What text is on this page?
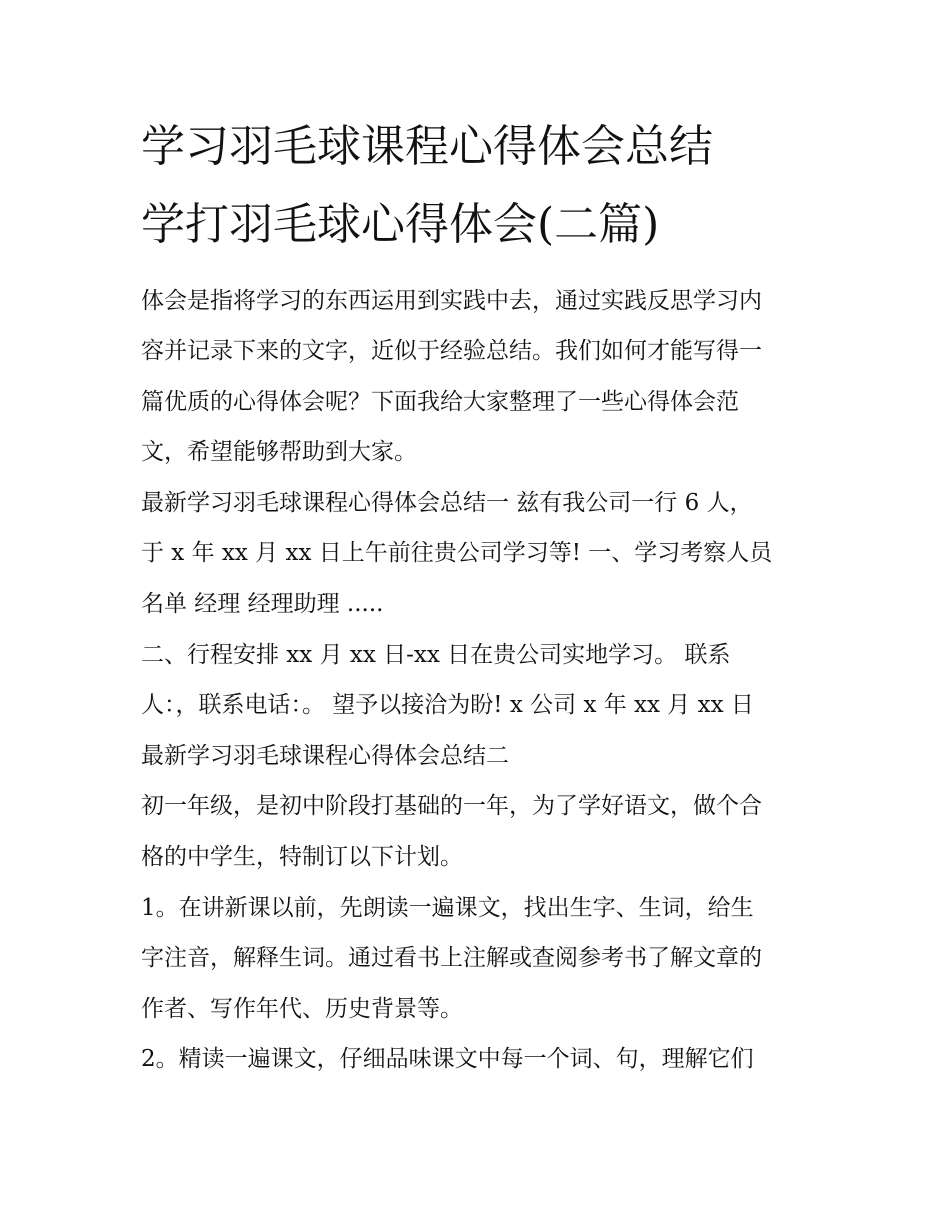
学习羽毛球课程心得体会总结
学打羽毛球心得体会(二篇)

体会是指将学习的东西运用到实践中去，通过实践反思学习内

容并记录下来的文字，近似于经验总结。我们如何才能写得一

篇优质的心得体会呢？下面我给大家整理了一些心得体会范

文，希望能够帮助到大家。

最新学习羽毛球课程心得体会总结一 兹有我公司一行 6 人，

于 x 年 xx 月 xx 日上午前往贵公司学习等! 一、学习考察人员

名单 经理 经理助理 .....

二、行程安排 xx 月 xx 日-xx 日在贵公司实地学习。 联系

人：，联系电话：。 望予以接洽为盼! x 公司 x 年 xx 月 xx 日

最新学习羽毛球课程心得体会总结二

初一年级，是初中阶段打基础的一年，为了学好语文，做个合

格的中学生，特制订以下计划。

1。在讲新课以前，先朗读一遍课文，找出生字、生词，给生

字注音，解释生词。通过看书上注解或查阅参考书了解文章的

作者、写作年代、历史背景等。

2。精读一遍课文，仔细品味课文中每一个词、句，理解它们
